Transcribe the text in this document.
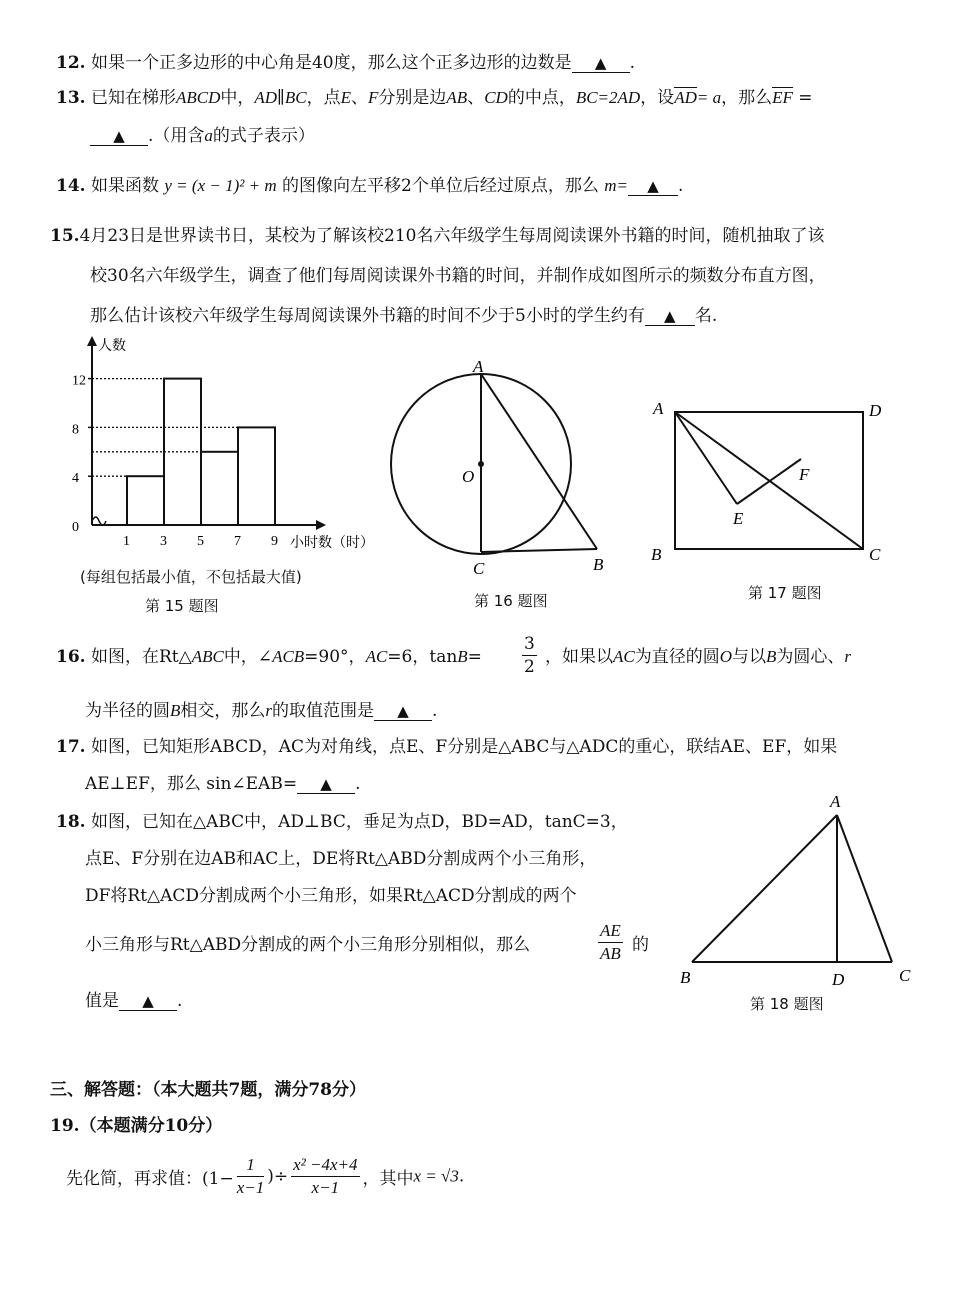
12. 如果一个正多边形的中心角是40度，那么这个正多边形的边数是 ▲ .
13. 已知在梯形ABCD中，AD∥BC，点E、F分别是边AB、CD的中点，BC=2AD，设AD= a，那么EF =
▲ .（用含a的式子表示）
14. 如果函数 y = (x − 1)² + m 的图像向左平移2个单位后经过原点，那么 m= ▲ .
15.4月23日是世界读书日，某校为了解该校210名六年级学生每周阅读课外书籍的时间，随机抽取了该
校30名六年级学生，调查了他们每周阅读课外书籍的时间，并制作成如图所示的频数分布直方图，
那么估计该校六年级学生每周阅读课外书籍的时间不少于5小时的学生约有 ▲ 名.
0
4
8
12
1 3 5 7 9
人数
小时数（时）
(每组包括最小值，不包括最大值)
第 15 题图
A
O
C	B
第 16 题图
A	D
B	C
E
F
第 17 题图
16. 如图，在Rt△ABC中，∠ACB=90°，AC=6，$\tan B= \frac{3}{2}$ ，如果以AC为直径的圆O与以B为圆心、r
为半径的圆B相交，那么r的取值范围是 ▲ .
17. 如图，已知矩形ABCD，AC为对角线，点E、F分别是△ABC与△ADC的重心，联结AE、EF，如果
AE⊥EF，那么 sin∠EAB= ▲ .
18. 如图，已知在△ABC中，AD⊥BC，垂足为点D，BD=AD，tanC=3，
点E、F分别在边AB和AC上，DE将Rt△ABD分割成两个小三角形，
DF将Rt△ACD分割成两个小三角形，如果Rt△ACD分割成的两个
小三角形与Rt△ABD分割成的两个小三角形分别相似，那么	$\frac{AE}{AB}$ 的
值是 ▲ .
A
B	D	C
第 18 题图
三、解答题：（本大题共7题，满分78分）
19.（本题满分10分）
先化简，再求值：($1- \frac{1}{x-1}$ )÷ $\frac{\text{x² −4x+4}}{x-1}$ ，其中x = √3.
